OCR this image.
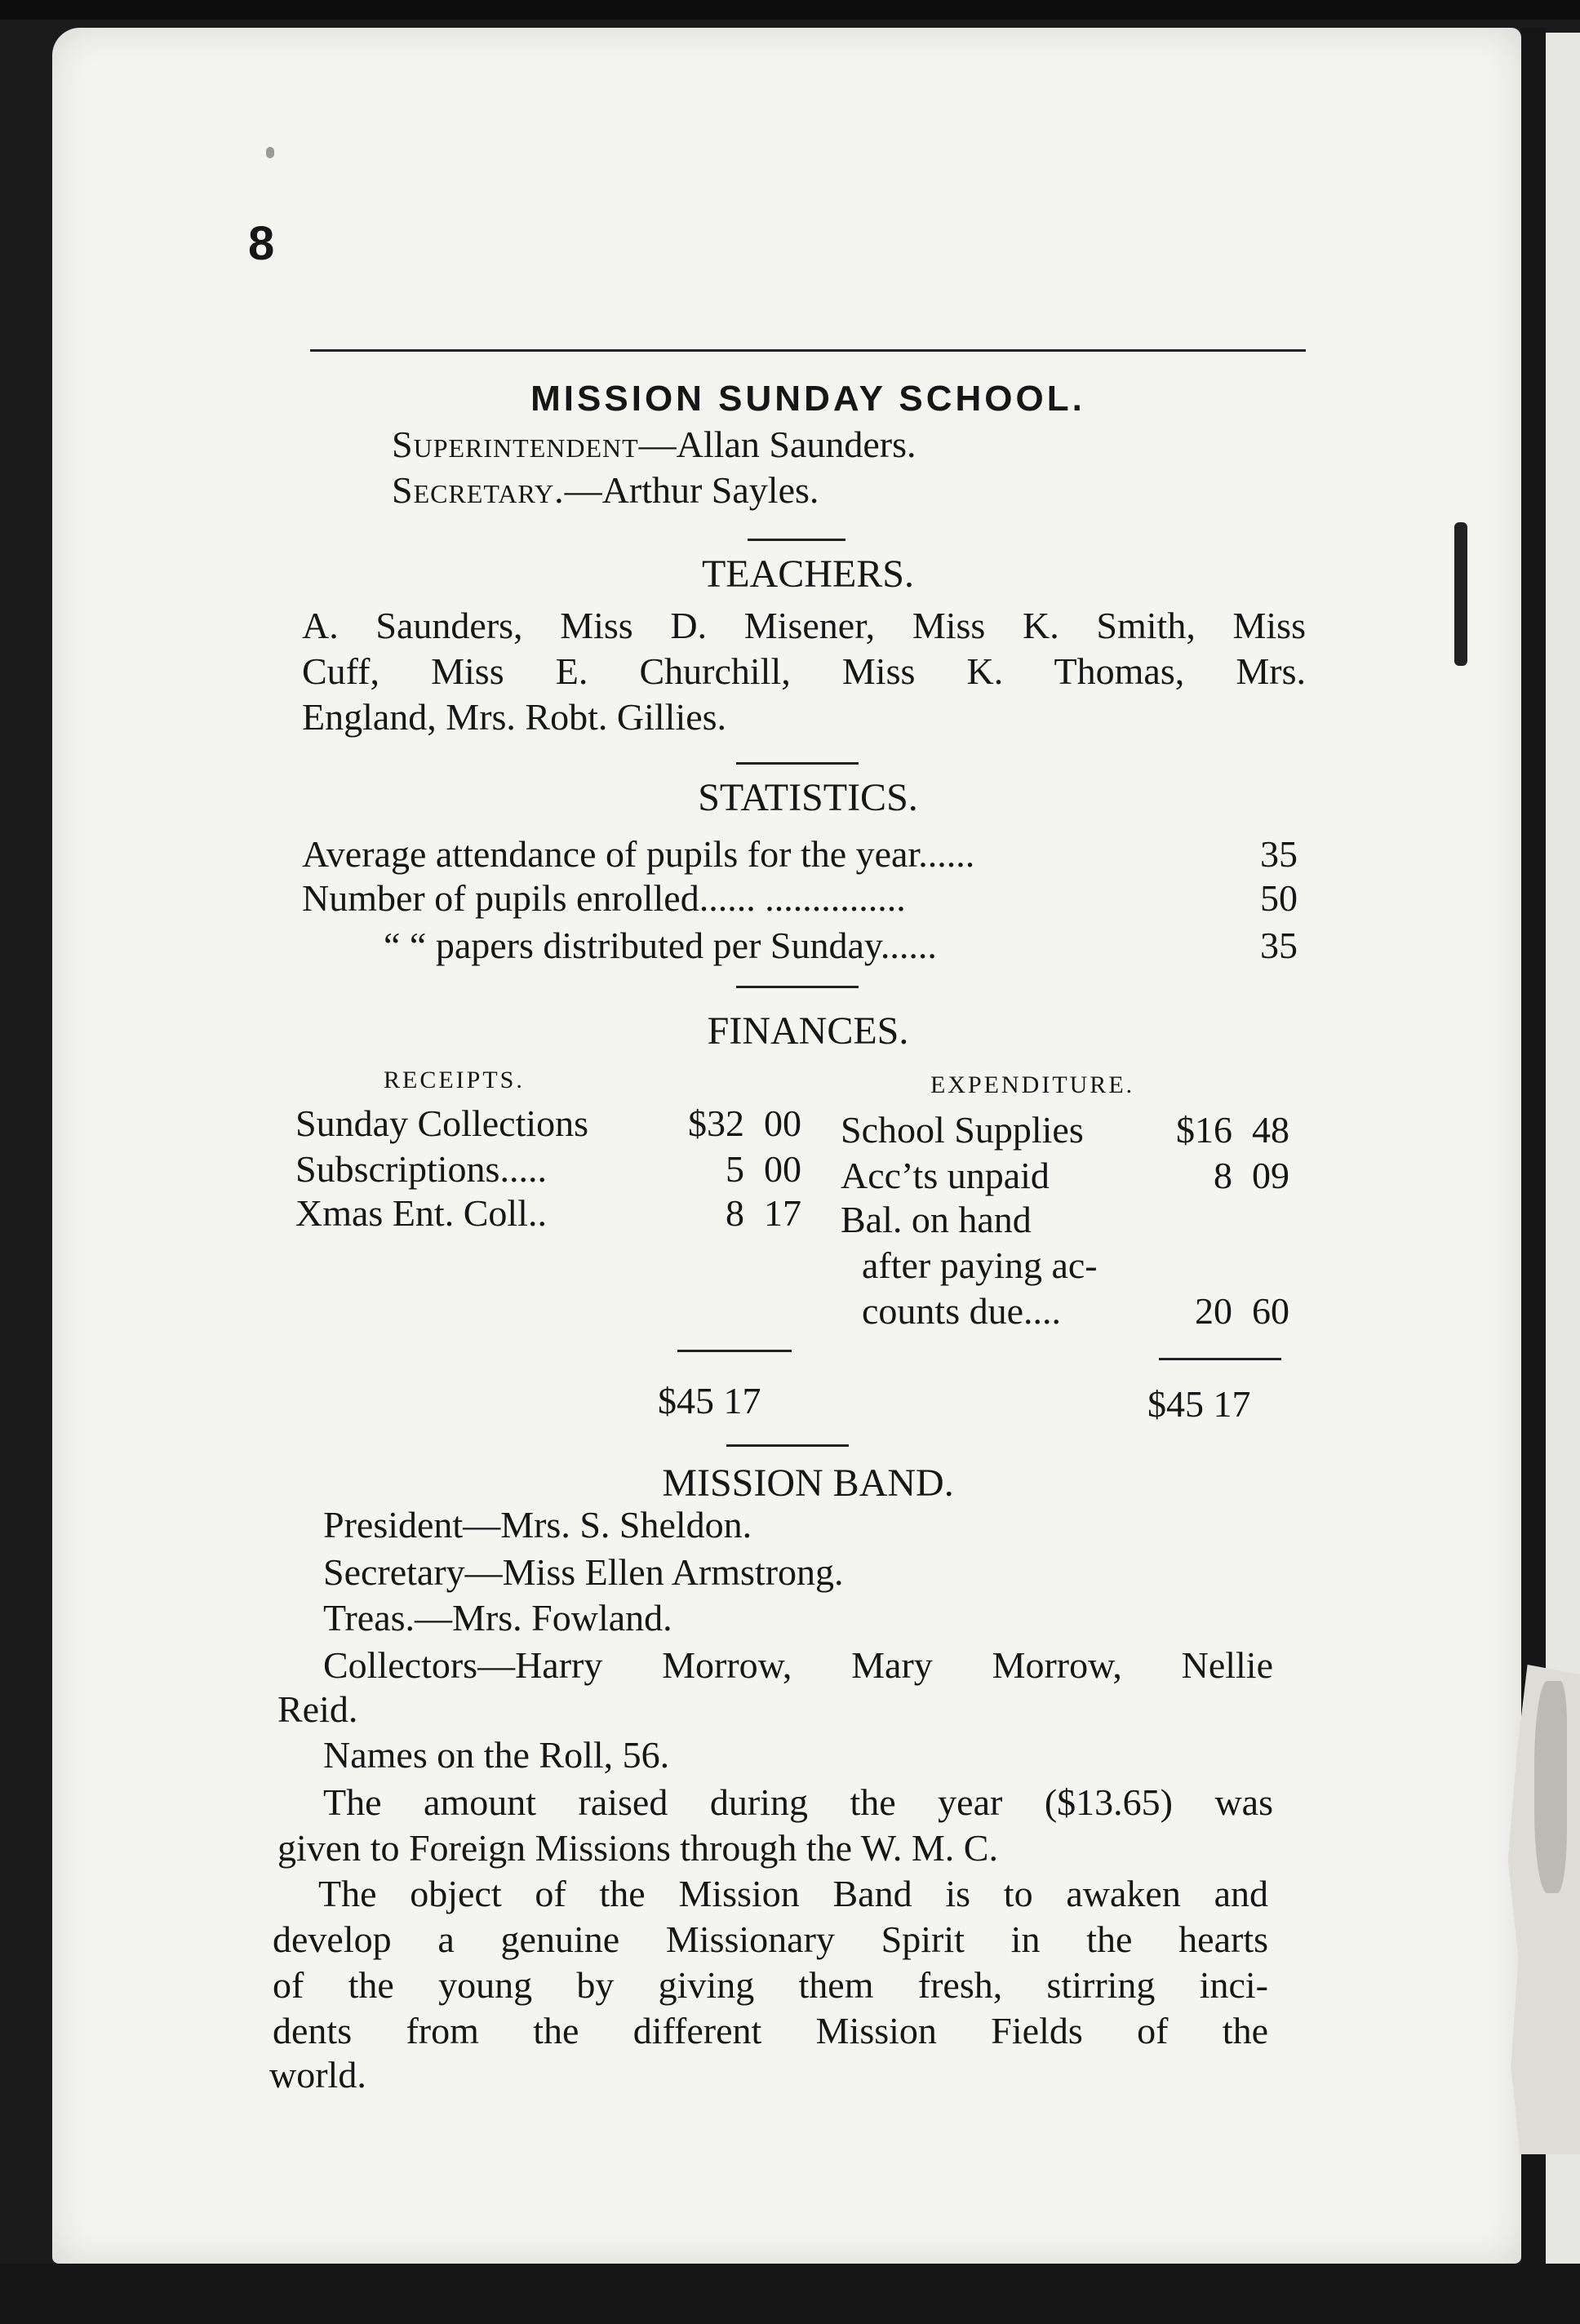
8
MISSION SUNDAY SCHOOL.
Superintendent—Allan Saunders.
Secretary.—Arthur Sayles.
TEACHERS.
A. Saunders, Miss D. Misener, Miss K. Smith, Miss
Cuff, Miss E. Churchill, Miss K. Thomas, Mrs.
England, Mrs. Robt. Gillies.
STATISTICS.
Average attendance of pupils for the year......	35
Number of pupils enrolled...... ...............	50
“ “ papers distributed per Sunday......	35
FINANCES.
RECEIPTS.	EXPENDITURE.
Sunday Collections	$32 00
Subscriptions.....	5 00
Xmas Ent. Coll..	8 17
School Supplies $16 48
Acc’ts unpaid	8 09
Bal. on hand
after paying ac-
counts due....	20 60
$45 17	$45 17
MISSION BAND.
President—Mrs. S. Sheldon.
Secretary—Miss Ellen Armstrong.
Treas.—Mrs. Fowland.
Collectors—Harry Morrow, Mary Morrow, Nellie
Reid.
Names on the Roll, 56.
The amount raised during the year ($13.65) was
given to Foreign Missions through the W. M. C.
The object of the Mission Band is to awaken and
develop a genuine Missionary Spirit in the hearts
of the young by giving them fresh, stirring inci-
dents from the different Mission Fields of the
world.
